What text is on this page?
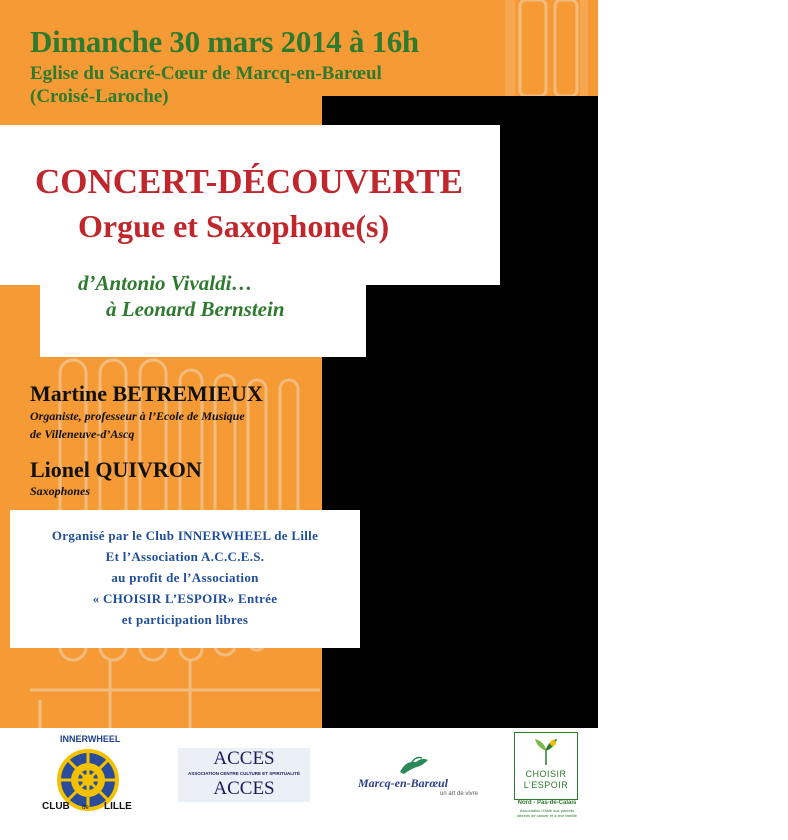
Dimanche 30 mars 2014 à 16h
Eglise du Sacré-Cœur de Marcq-en-Barœul
(Croisé-Laroche)
CONCERT-DÉCOUVERTE
Orgue et Saxophone(s)
d’Antonio Vivaldi…
à Leonard Bernstein
Martine BETREMIEUX
Organiste, professeur à l’Ecole de Musique
de Villeneuve-d’Ascq
Lionel QUIVRON
Saxophones
Organisé par le Club INNERWHEEL de Lille
Et l’Association A.C.C.E.S.
au profit de l’Association
« CHOISIR L’ESPOIR» Entrée
et participation libres
INNERWHEEL
CLUB de LILLE
ACCES
ASSOCIATION CENTRE CULTURE ET SPIRITUALITÉ
ACCES	Marcq-en-Barœul
un art de vivre
CHOISIR
L’ESPOIR
Nord - Pas-de-Calais
Association d’aide aux parents atteints de cancer et à leur famille
